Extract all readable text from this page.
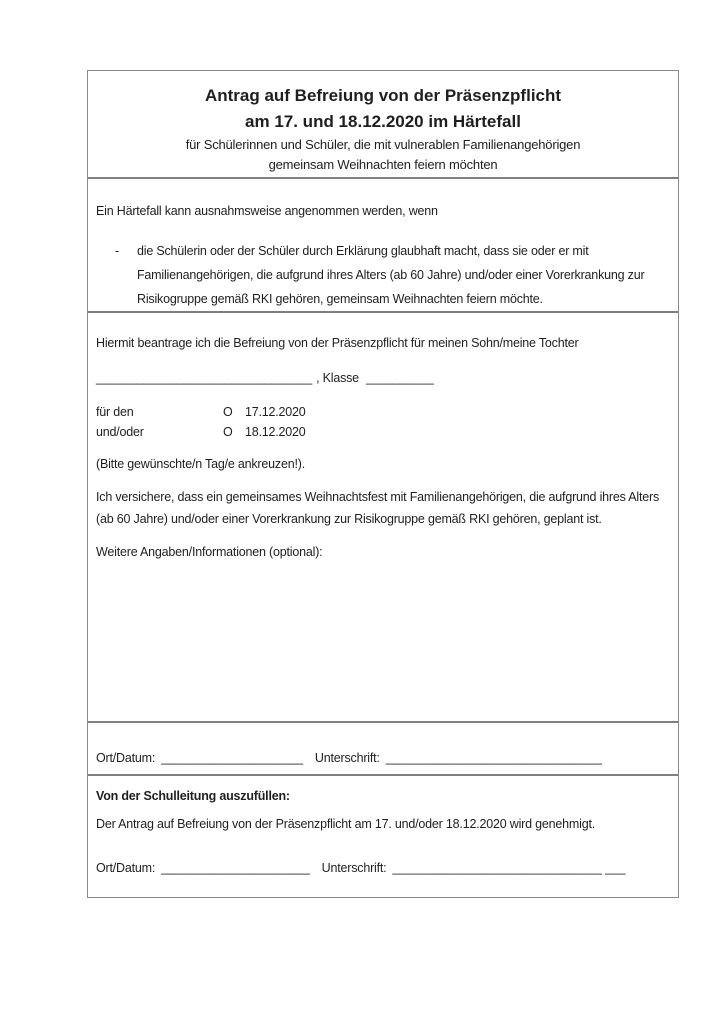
Antrag auf Befreiung von der Präsenzpflicht
am 17. und 18.12.2020 im Härtefall
für Schülerinnen und Schüler, die mit vulnerablen Familienangehörigen
gemeinsam Weihnachten feiern möchten
Ein Härtefall kann ausnahmsweise angenommen werden, wenn
-	die Schülerin oder der Schüler durch Erklärung glaubhaft macht, dass sie oder er mit
Familienangehörigen, die aufgrund ihres Alters (ab 60 Jahre) und/oder einer Vorerkrankung zur
Risikogruppe gemäß RKI gehören, gemeinsam Weihnachten feiern möchte.
Hiermit beantrage ich die Befreiung von der Präsenzpflicht für meinen Sohn/meine Tochter
________________________________ , Klasse __________
für den	O 17.12.2020
und/oder	O 18.12.2020
(Bitte gewünschte/n Tag/e ankreuzen!).
Ich versichere, dass ein gemeinsames Weihnachtsfest mit Familienangehörigen, die aufgrund ihres Alters
(ab 60 Jahre) und/oder einer Vorerkrankung zur Risikogruppe gemäß RKI gehören, geplant ist.
Weitere Angaben/Informationen (optional):
Ort/Datum: _____________________ Unterschrift: ________________________________
Von der Schulleitung auszufüllen:
Der Antrag auf Befreiung von der Präsenzpflicht am 17. und/oder 18.12.2020 wird genehmigt.
Ort/Datum: ______________________ Unterschrift: _______________________________ ___
